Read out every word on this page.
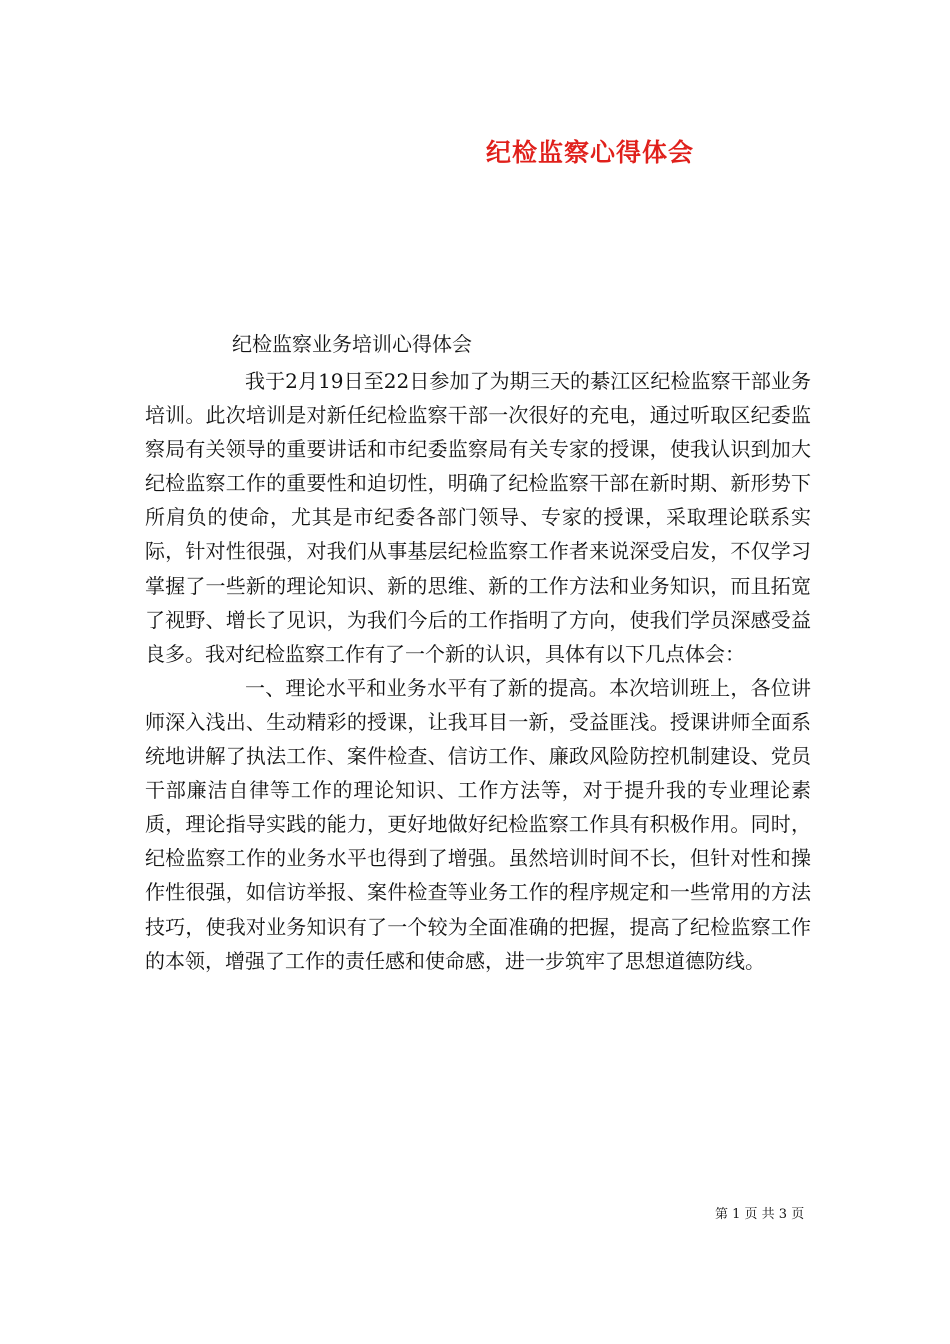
纪检监察心得体会
纪检监察业务培训心得体会

我于2月19日至22日参加了为期三天的綦江区纪检监察干部业务培训。此次培训是对新任纪检监察干部一次很好的充电，通过听取区纪委监察局有关领导的重要讲话和市纪委监察局有关专家的授课，使我认识到加大纪检监察工作的重要性和迫切性，明确了纪检监察干部在新时期、新形势下所肩负的使命，尤其是市纪委各部门领导、专家的授课，采取理论联系实际，针对性很强，对我们从事基层纪检监察工作者来说深受启发，不仅学习掌握了一些新的理论知识、新的思维、新的工作方法和业务知识，而且拓宽了视野、增长了见识，为我们今后的工作指明了方向，使我们学员深感受益良多。我对纪检监察工作有了一个新的认识，具体有以下几点体会：

一、理论水平和业务水平有了新的提高。本次培训班上，各位讲师深入浅出、生动精彩的授课，让我耳目一新，受益匪浅。授课讲师全面系统地讲解了执法工作、案件检查、信访工作、廉政风险防控机制建设、党员干部廉洁自律等工作的理论知识、工作方法等，对于提升我的专业理论素质，理论指导实践的能力，更好地做好纪检监察工作具有积极作用。同时，纪检监察工作的业务水平也得到了增强。虽然培训时间不长，但针对性和操作性很强，如信访举报、案件检查等业务工作的程序规定和一些常用的方法技巧，使我对业务知识有了一个较为全面准确的把握，提高了纪检监察工作的本领，增强了工作的责任感和使命感，进一步筑牢了思想道德防线。

第 1 页 共 3 页
